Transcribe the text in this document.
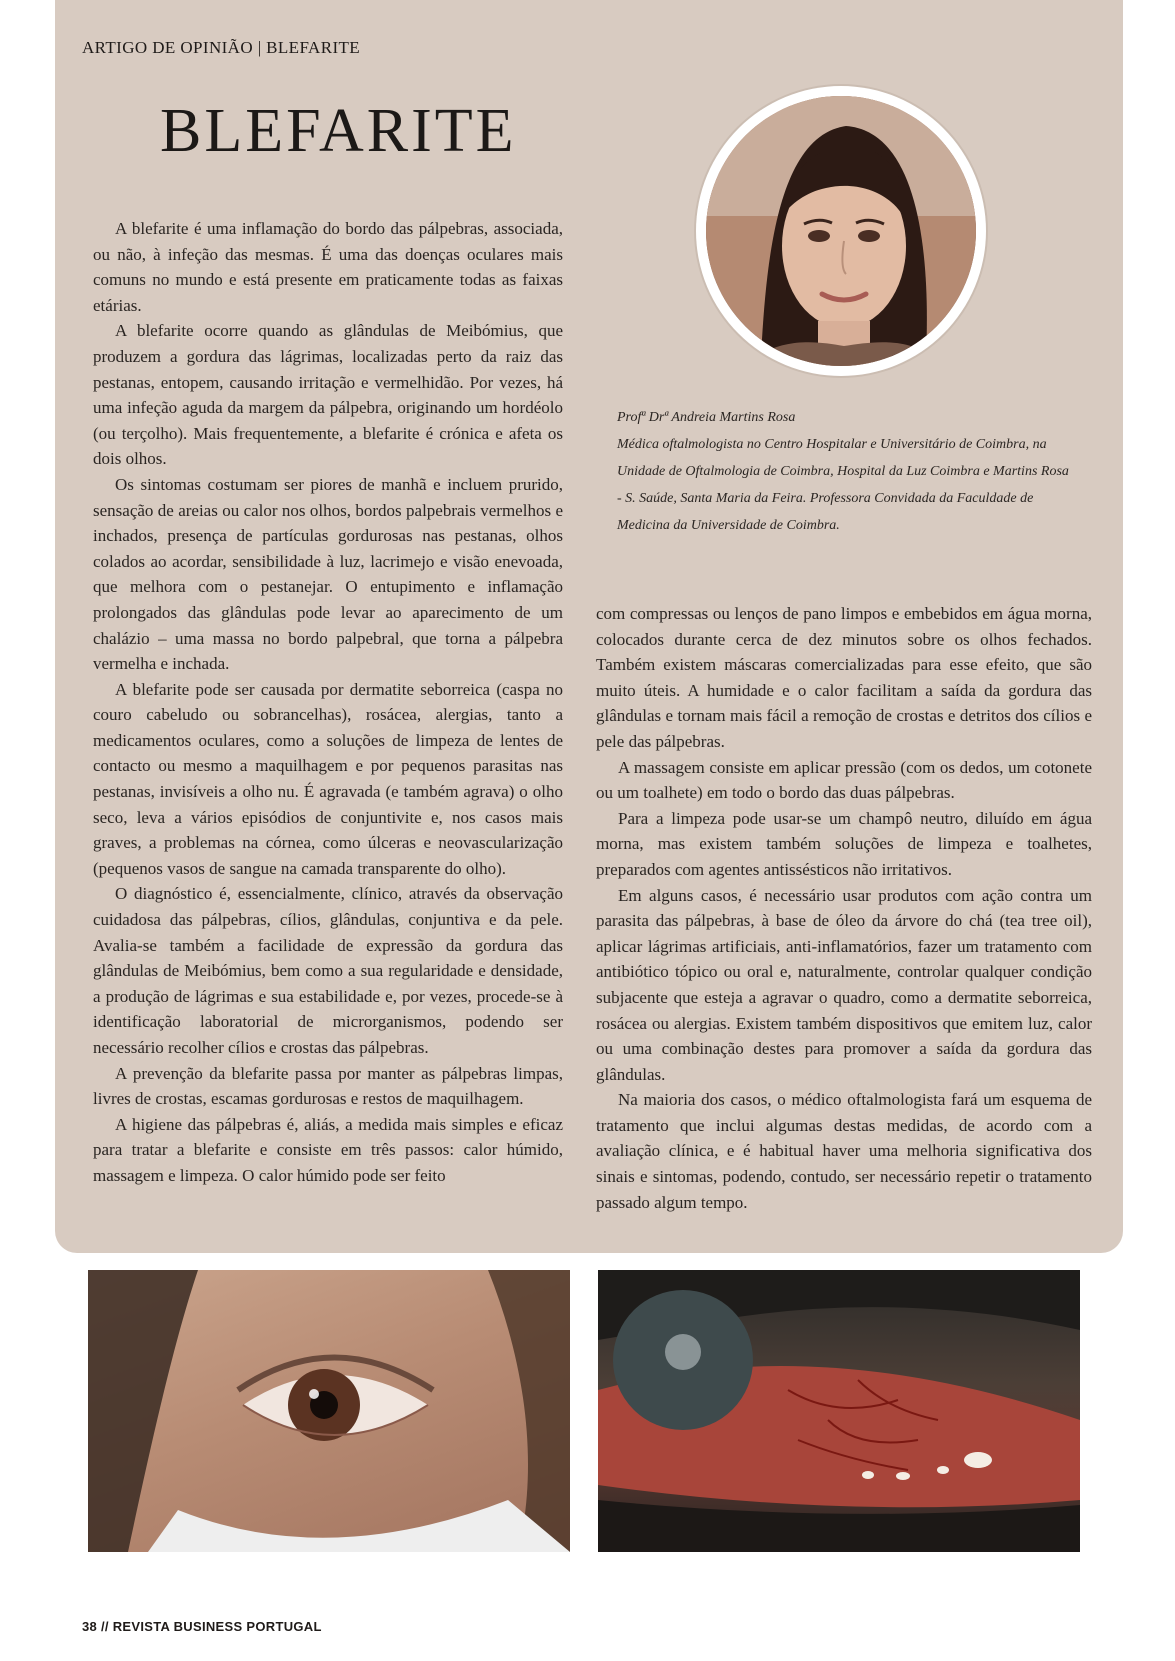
ARTIGO DE OPINIÃO | BLEFARITE
BLEFARITE

Profª Drª Andreia Martins Rosa

Médica oftalmologista no Centro Hospitalar e Universitário de Coimbra, na Unidade de Oftalmologia de Coimbra, Hospital da Luz Coimbra e Martins Rosa - S. Saúde, Santa Maria da Feira. Professora Convidada da Faculdade de Medicina da Universidade de Coimbra.

A blefarite é uma inflamação do bordo das pálpebras, associada, ou não, à infeção das mesmas. É uma das doenças oculares mais comuns no mundo e está presente em praticamente todas as faixas etárias.

A blefarite ocorre quando as glândulas de Meibómius, que produzem a gordura das lágrimas, localizadas perto da raiz das pestanas, entopem, causando irritação e vermelhidão. Por vezes, há uma infeção aguda da margem da pálpebra, originando um hordéolo (ou terçolho). Mais frequentemente, a blefarite é crónica e afeta os dois olhos.

Os sintomas costumam ser piores de manhã e incluem prurido, sensação de areias ou calor nos olhos, bordos palpebrais vermelhos e inchados, presença de partículas gordurosas nas pestanas, olhos colados ao acordar, sensibilidade à luz, lacrimejo e visão enevoada, que melhora com o pestanejar. O entupimento e inflamação prolongados das glândulas pode levar ao aparecimento de um chalázio – uma massa no bordo palpebral, que torna a pálpebra vermelha e inchada.

A blefarite pode ser causada por dermatite seborreica (caspa no couro cabeludo ou sobrancelhas), rosácea, alergias, tanto a medicamentos oculares, como a soluções de limpeza de lentes de contacto ou mesmo a maquilhagem e por pequenos parasitas nas pestanas, invisíveis a olho nu. É agravada (e também agrava) o olho seco, leva a vários episódios de conjuntivite e, nos casos mais graves, a problemas na córnea, como úlceras e neovascularização (pequenos vasos de sangue na camada transparente do olho).

O diagnóstico é, essencialmente, clínico, através da observação cuidadosa das pálpebras, cílios, glândulas, conjuntiva e da pele. Avalia-se também a facilidade de expressão da gordura das glândulas de Meibómius, bem como a sua regularidade e densidade, a produção de lágrimas e sua estabilidade e, por vezes, procede-se à identificação laboratorial de microrganismos, podendo ser necessário recolher cílios e crostas das pálpebras.

A prevenção da blefarite passa por manter as pálpebras limpas, livres de crostas, escamas gordurosas e restos de maquilhagem.

A higiene das pálpebras é, aliás, a medida mais simples e eficaz para tratar a blefarite e consiste em três passos: calor húmido, massagem e limpeza. O calor húmido pode ser feito

com compressas ou lenços de pano limpos e embebidos em água morna, colocados durante cerca de dez minutos sobre os olhos fechados. Também existem máscaras comercializadas para esse efeito, que são muito úteis. A humidade e o calor facilitam a saída da gordura das glândulas e tornam mais fácil a remoção de crostas e detritos dos cílios e pele das pálpebras.

A massagem consiste em aplicar pressão (com os dedos, um cotonete ou um toalhete) em todo o bordo das duas pálpebras.

Para a limpeza pode usar-se um champô neutro, diluído em água morna, mas existem também soluções de limpeza e toalhetes, preparados com agentes antissésticos não irritativos.

Em alguns casos, é necessário usar produtos com ação contra um parasita das pálpebras, à base de óleo da árvore do chá (tea tree oil), aplicar lágrimas artificiais, anti-inflamatórios, fazer um tratamento com antibiótico tópico ou oral e, naturalmente, controlar qualquer condição subjacente que esteja a agravar o quadro, como a dermatite seborreica, rosácea ou alergias. Existem também dispositivos que emitem luz, calor ou uma combinação destes para promover a saída da gordura das glândulas.

Na maioria dos casos, o médico oftalmologista fará um esquema de tratamento que inclui algumas destas medidas, de acordo com a avaliação clínica, e é habitual haver uma melhoria significativa dos sinais e sintomas, podendo, contudo, ser necessário repetir o tratamento passado algum tempo.

38 // REVISTA BUSINESS PORTUGAL
